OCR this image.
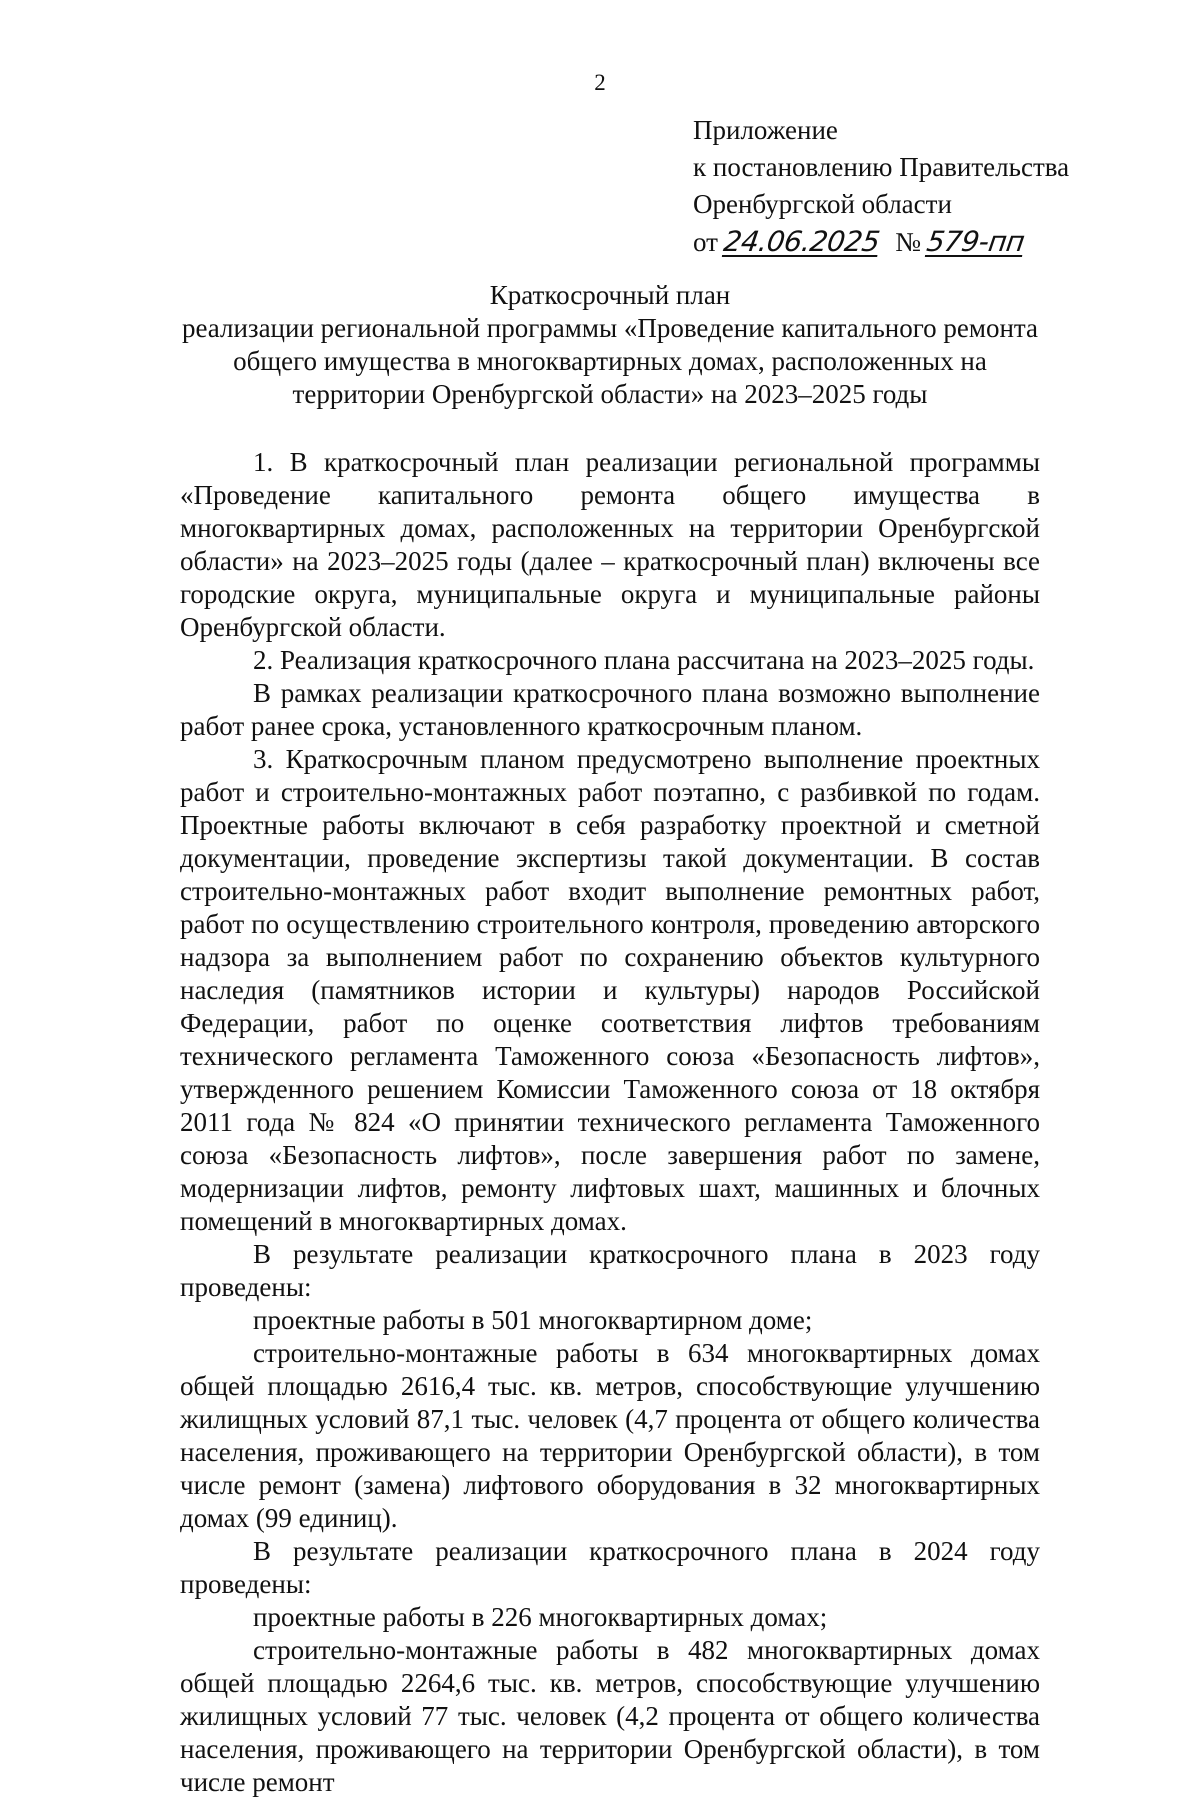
2
Приложение
к постановлению Правительства
Оренбургской области
от 24.06.2025 № 579-пп
Краткосрочный план
реализации региональной программы «Проведение капитального ремонта
общего имущества в многоквартирных домах, расположенных на
территории Оренбургской области» на 2023–2025 годы

1. В краткосрочный план реализации региональной программы «Проведение капитального ремонта общего имущества в многоквартирных домах, расположенных на территории Оренбургской области» на 2023–2025 годы (далее – краткосрочный план) включены все городские округа, муниципальные округа и муниципальные районы Оренбургской области.

2. Реализация краткосрочного плана рассчитана на 2023–2025 годы.

В рамках реализации краткосрочного плана возможно выполнение работ ранее срока, установленного краткосрочным планом.

3. Краткосрочным планом предусмотрено выполнение проектных работ и строительно-монтажных работ поэтапно, с разбивкой по годам. Проектные работы включают в себя разработку проектной и сметной документации, проведение экспертизы такой документации. В состав строительно-монтажных работ входит выполнение ремонтных работ, работ по осуществлению строительного контроля, проведению авторского надзора за выполнением работ по сохранению объектов культурного наследия (памятников истории и культуры) народов Российской Федерации, работ по оценке соответствия лифтов требованиям технического регламента Таможенного союза «Безопасность лифтов», утвержденного решением Комиссии Таможенного союза от 18 октября 2011 года № 824 «О принятии технического регламента Таможенного союза «Безопасность лифтов», после завершения работ по замене, модернизации лифтов, ремонту лифтовых шахт, машинных и блочных помещений в многоквартирных домах.

В результате реализации краткосрочного плана в 2023 году проведены:

проектные работы в 501 многоквартирном доме;

строительно-монтажные работы в 634 многоквартирных домах общей площадью 2616,4 тыс. кв. метров, способствующие улучшению жилищных условий 87,1 тыс. человек (4,7 процента от общего количества населения, проживающего на территории Оренбургской области), в том числе ремонт (замена) лифтового оборудования в 32 многоквартирных домах (99 единиц).

В результате реализации краткосрочного плана в 2024 году проведены:

проектные работы в 226 многоквартирных домах;

строительно-монтажные работы в 482 многоквартирных домах общей площадью 2264,6 тыс. кв. метров, способствующие улучшению жилищных условий 77 тыс. человек (4,2 процента от общего количества населения, проживающего на территории Оренбургской области), в том числе ремонт
